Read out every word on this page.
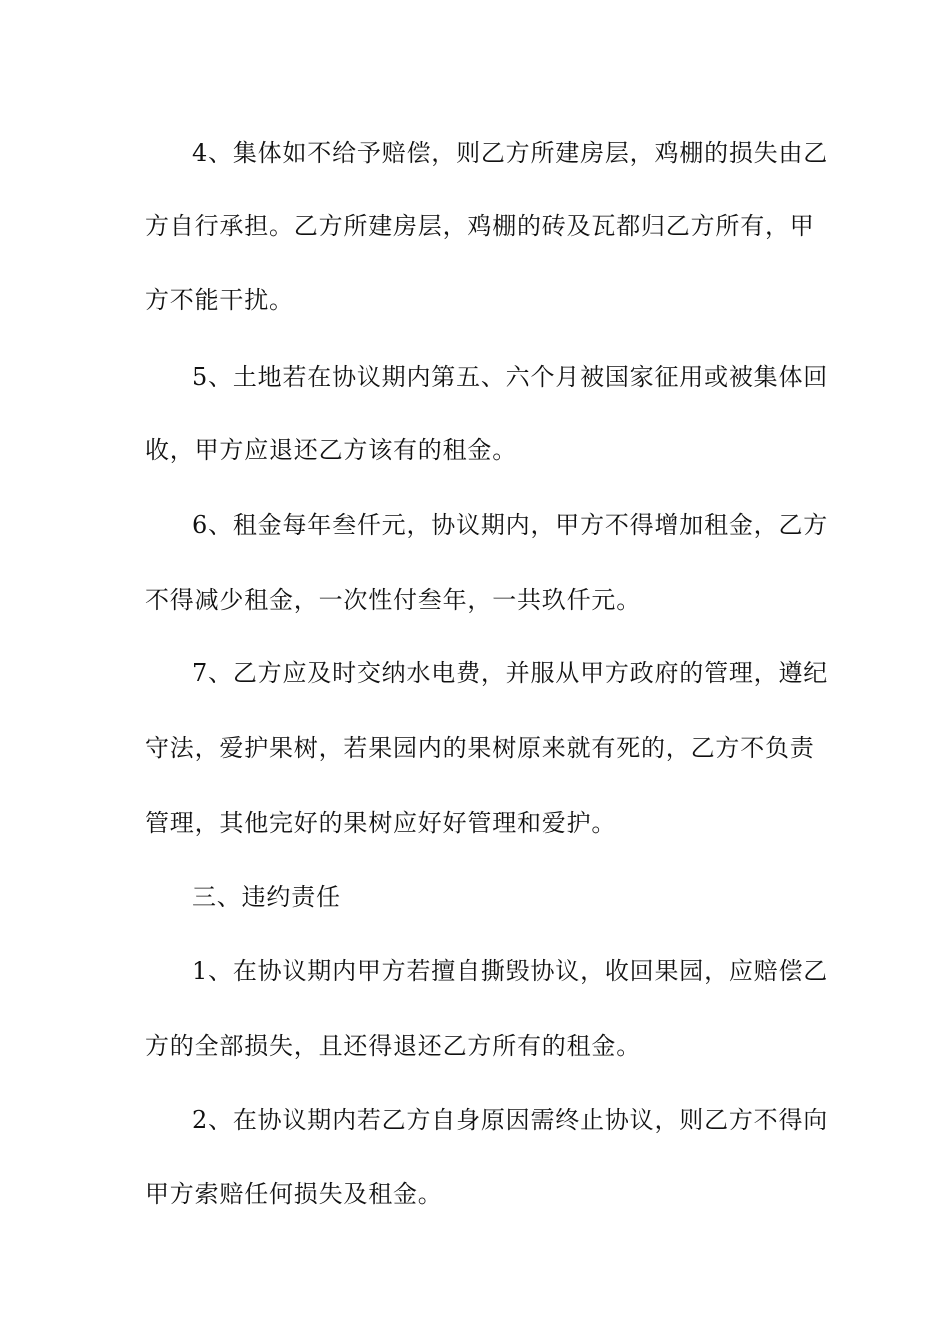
4、集体如不给予赔偿，则乙方所建房层，鸡棚的损失由乙
方自行承担。乙方所建房层，鸡棚的砖及瓦都归乙方所有，甲
方不能干扰。
5、土地若在协议期内第五、六个月被国家征用或被集体回
收，甲方应退还乙方该有的租金。
6、租金每年叁仟元，协议期内，甲方不得增加租金，乙方
不得减少租金，一次性付叁年，一共玖仟元。
7、乙方应及时交纳水电费，并服从甲方政府的管理，遵纪
守法，爱护果树，若果园内的果树原来就有死的，乙方不负责
管理，其他完好的果树应好好管理和爱护。
三、违约责任
1、在协议期内甲方若擅自撕毁协议，收回果园，应赔偿乙
方的全部损失，且还得退还乙方所有的租金。
2、在协议期内若乙方自身原因需终止协议，则乙方不得向
甲方索赔任何损失及租金。
